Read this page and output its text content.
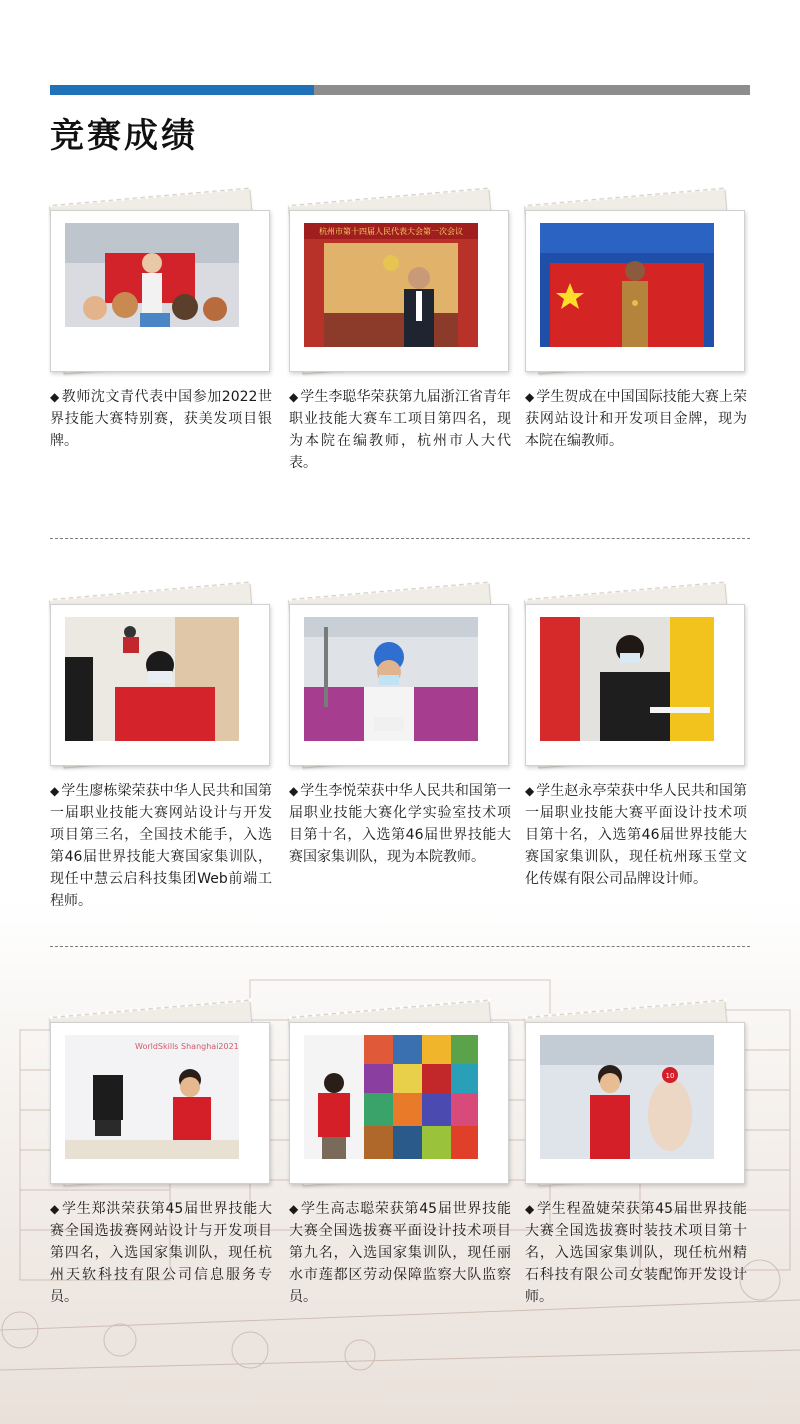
竞赛成绩

◆ 教师沈文青代表中国参加2022世界技能大赛特别赛，获美发项目银牌。

杭州市第十四届人民代表大会第一次会议

◆ 学生李聪华荣获第九届浙江省青年职业技能大赛车工项目第四名，现为本院在编教师，杭州市人大代表。

◆ 学生贺成在中国国际技能大赛上荣获网站设计和开发项目金牌，现为本院在编教师。

◆ 学生廖栋梁荣获中华人民共和国第一届职业技能大赛网站设计与开发项目第三名，全国技术能手，入选第46届世界技能大赛国家集训队，现任中慧云启科技集团Web前端工程师。

◆ 学生李悦荣获中华人民共和国第一届职业技能大赛化学实验室技术项目第十名，入选第46届世界技能大赛国家集训队，现为本院教师。

◆ 学生赵永亭荣获中华人民共和国第一届职业技能大赛平面设计技术项目第十名，入选第46届世界技能大赛国家集训队，现任杭州琢玉堂文化传媒有限公司品牌设计师。

WorldSkills Shanghai2021

◆ 学生郑洪荣获第45届世界技能大赛全国选拔赛网站设计与开发项目第四名，入选国家集训队，现任杭州天软科技有限公司信息服务专员。

◆ 学生高志聪荣获第45届世界技能大赛全国选拔赛平面设计技术项目第九名，入选国家集训队，现任丽水市莲都区劳动保障监察大队监察员。

10

◆ 学生程盈婕荣获第45届世界技能大赛全国选拔赛时装技术项目第十名，入选国家集训队，现任杭州精石科技有限公司女装配饰开发设计师。
